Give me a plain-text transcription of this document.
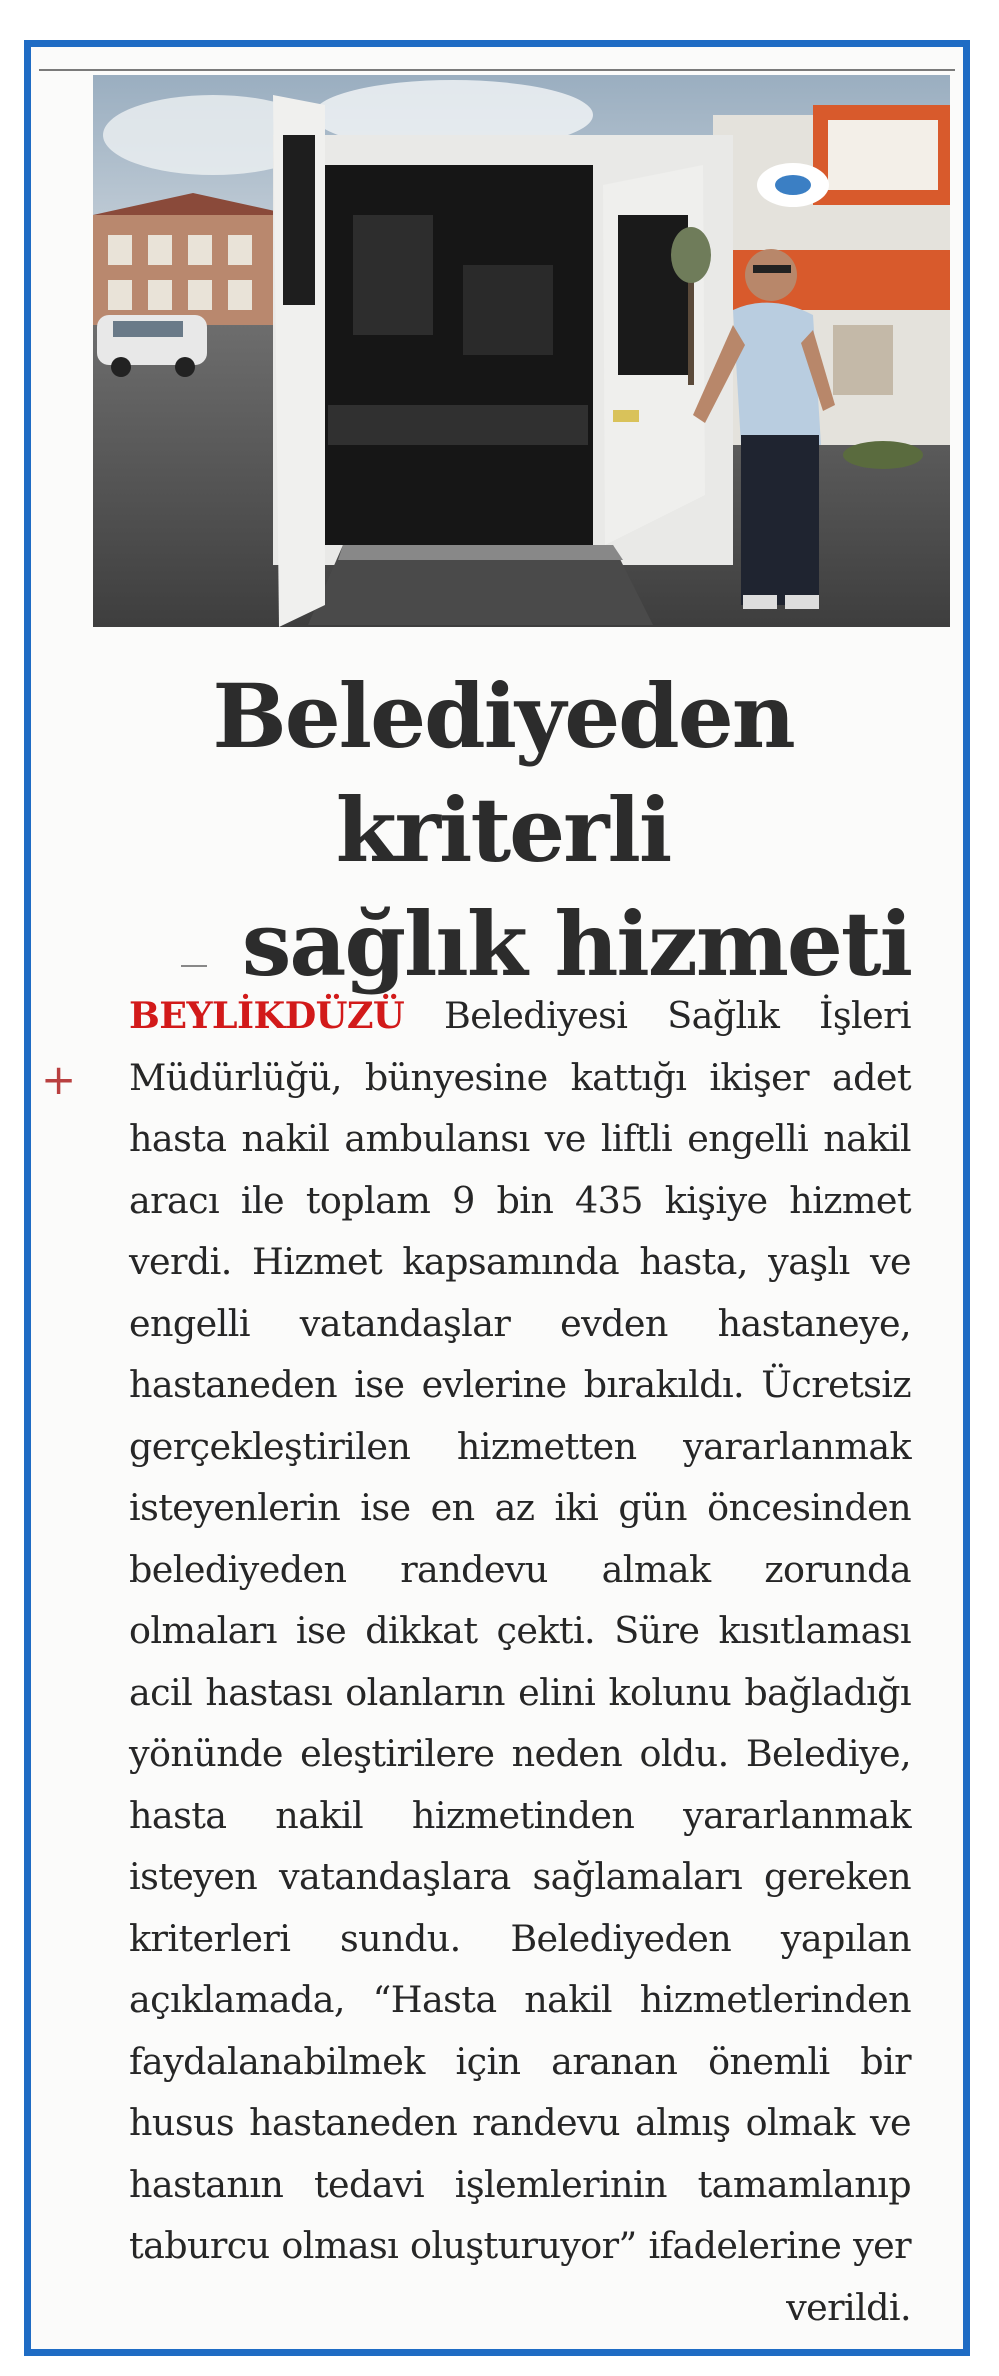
Belediyeden kriterli
sağlık hizmeti
+
BEYLİKDÜZÜ Belediyesi Sağlık İşleri Müdürlüğü, bünyesine kattığı ikişer adet hasta nakil ambulansı ve liftli engelli nakil aracı ile toplam 9 bin 435 kişiye hizmet verdi. Hizmet kapsamında hasta, yaşlı ve engelli vatandaşlar evden hastaneye, hastaneden ise evlerine bırakıldı. Ücretsiz gerçekleştirilen hizmetten yararlanmak isteyenlerin ise en az iki gün öncesinden belediyeden randevu almak zorunda olmaları ise dikkat çekti. Süre kısıtlaması acil hastası olanların elini kolunu bağladığı yönünde eleştirilere neden oldu. Belediye, hasta nakil hizmetinden yararlanmak isteyen vatandaşlara sağlamaları gereken kriterleri sundu. Belediyeden yapılan açıklamada, “Hasta nakil hizmetlerinden faydalanabilmek için aranan önemli bir husus hastaneden randevu almış olmak ve hastanın tedavi işlemlerinin tamamlanıp taburcu olması oluşturuyor” ifadelerine yer verildi.
